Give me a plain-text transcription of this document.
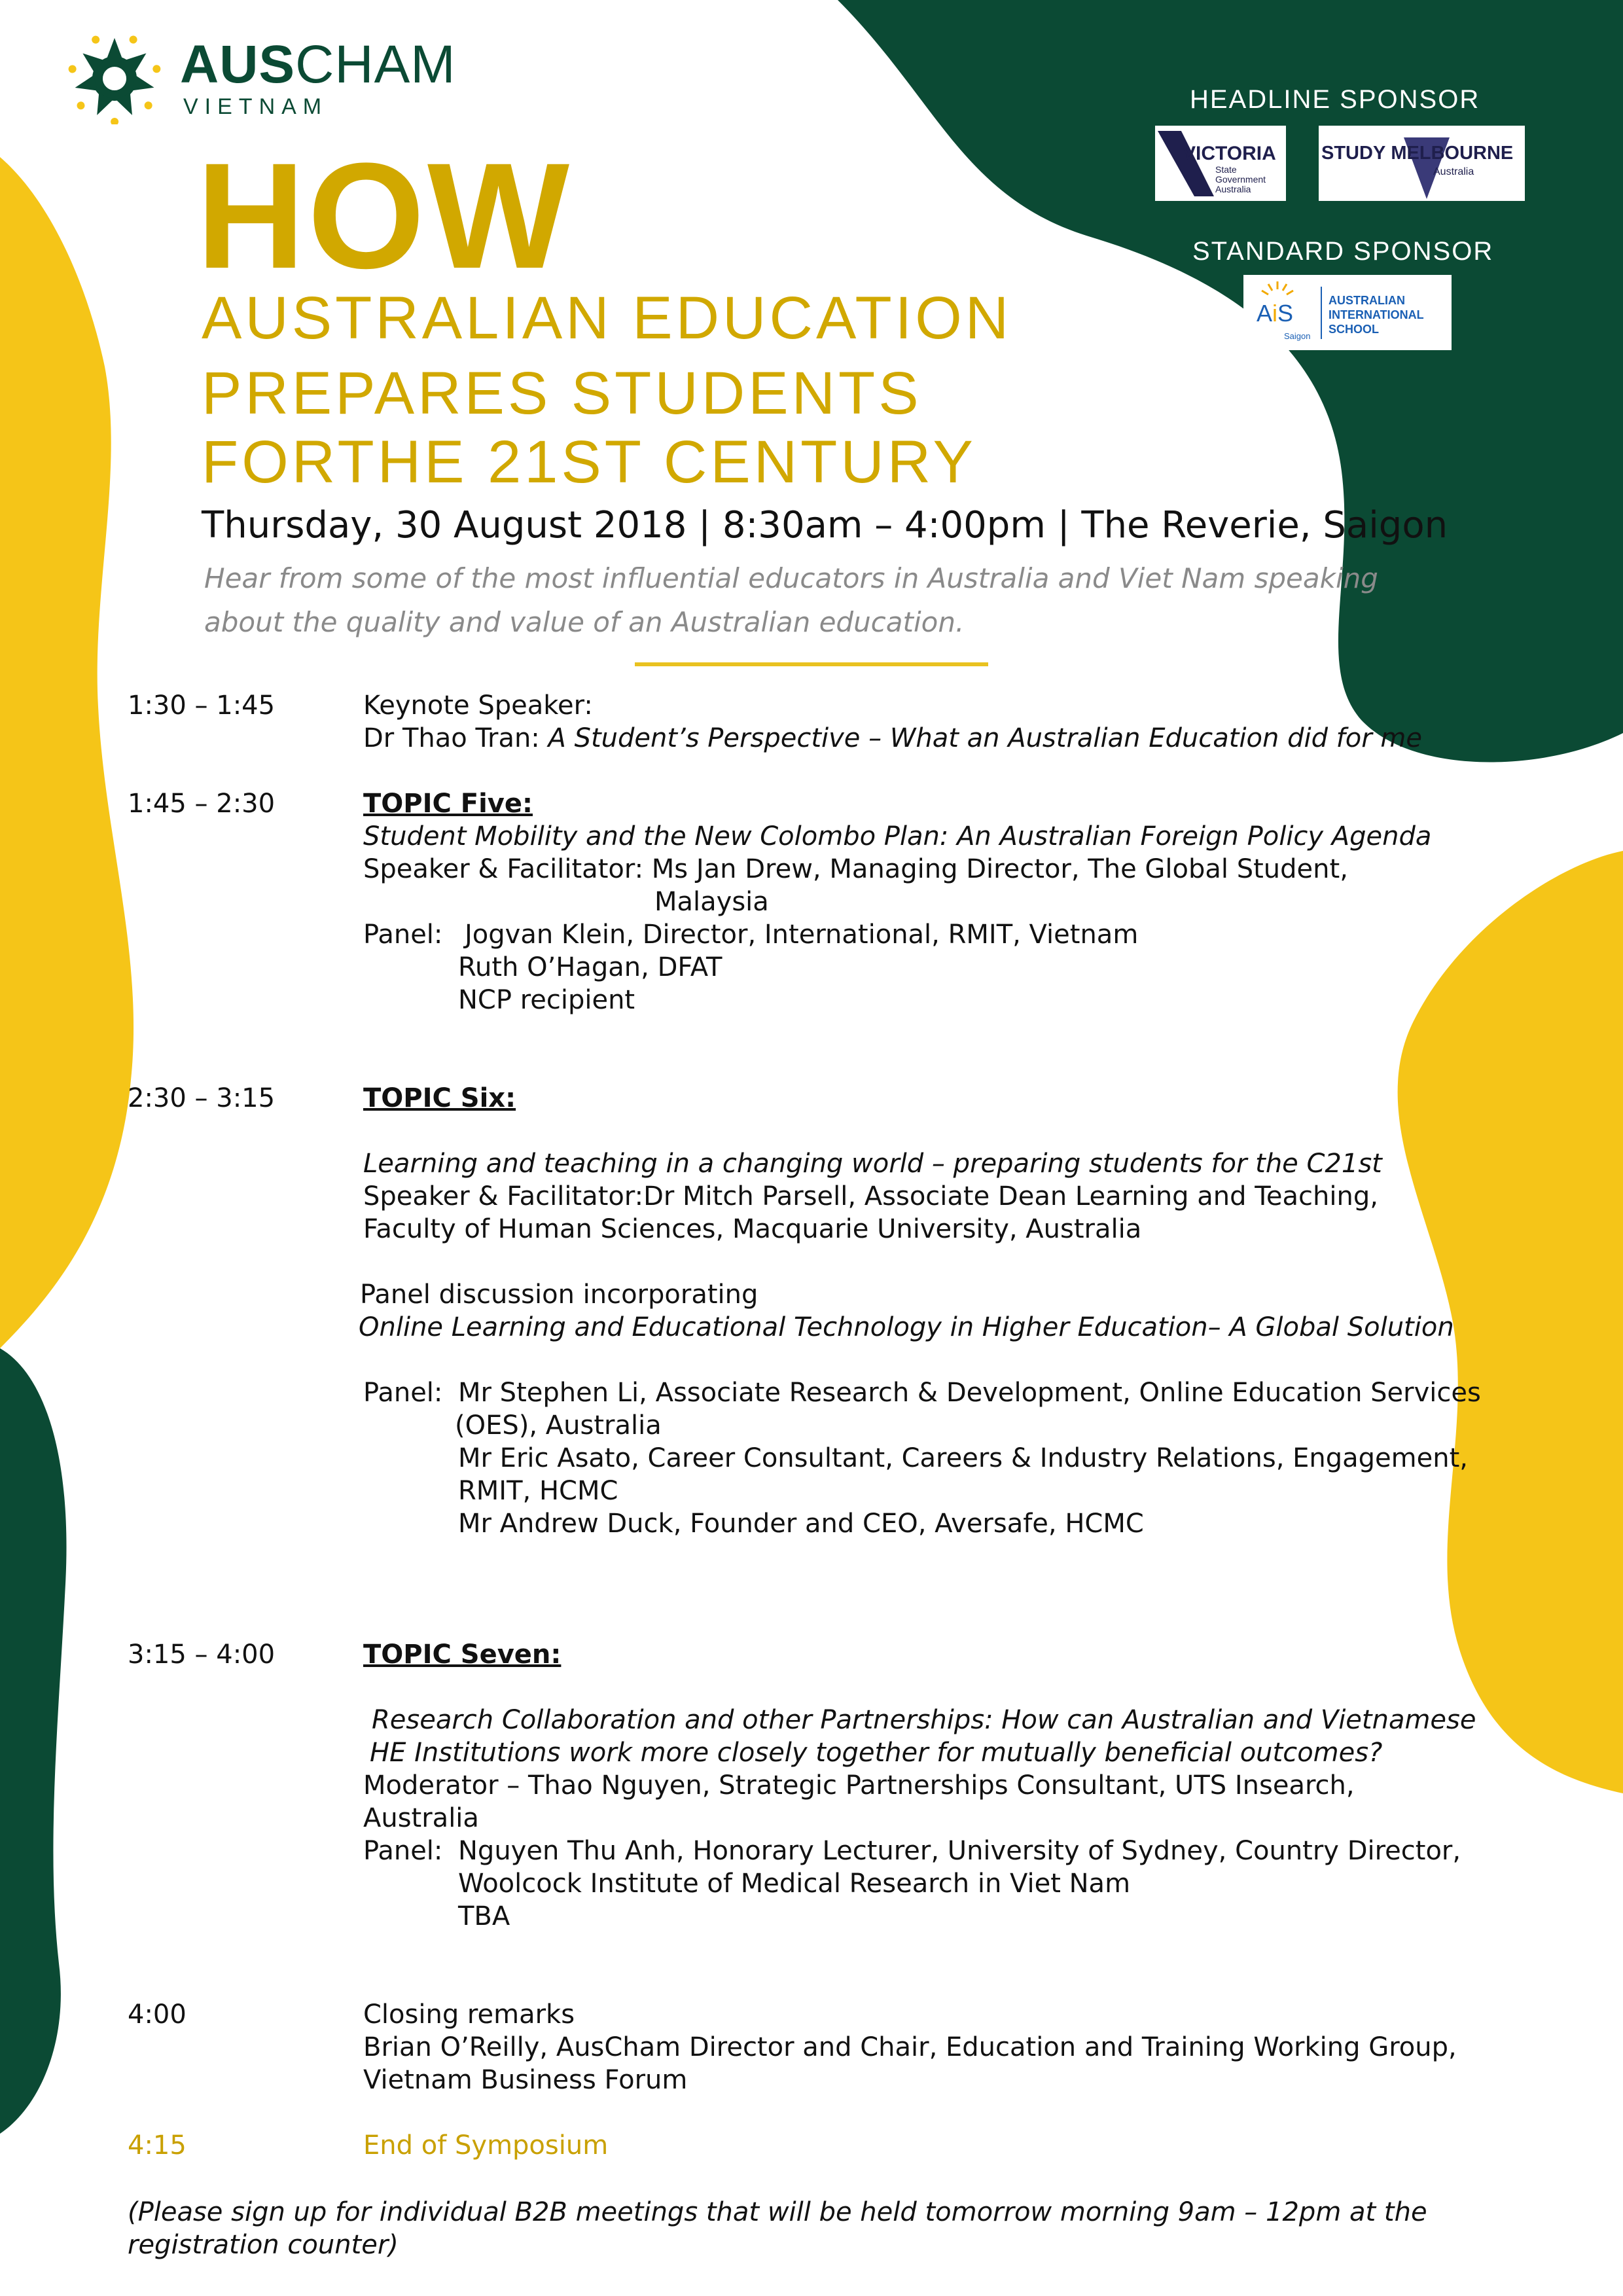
AUSCHAM
VIETNAM	HEADLINE SPONSOR
VICTORIA
State
Government
Australia
STUDY MELBOURNE
Australia
STANDARD SPONSOR
AiS
Saigon
AUSTRALIAN
INTERNATIONAL
SCHOOL
HOW
AUSTRALIAN EDUCATION
PREPARES STUDENTS
FORTHE 21ST CENTURY
Thursday, 30 August 2018 | 8:30am – 4:00pm | The Reverie, Saigon
Hear from some of the most influential educators in Australia and Viet Nam speaking about the quality and value of an Australian education.
1:30 – 1:45	Keynote Speaker:
Dr Thao Tran: A Student’s Perspective – What an Australian Education did for me
1:45 – 2:30	TOPIC Five:
Student Mobility and the New Colombo Plan: An Australian Foreign Policy Agenda
Speaker & Facilitator: Ms Jan Drew, Managing Director, The Global Student,
Malaysia
Panel: Jogvan Klein, Director, International, RMIT, Vietnam
Ruth O’Hagan, DFAT
NCP recipient
2:30 – 3:15	TOPIC Six:
Learning and teaching in a changing world – preparing students for the C21st
Speaker & Facilitator:Dr Mitch Parsell, Associate Dean Learning and Teaching,
Faculty of Human Sciences, Macquarie University, Australia
Panel discussion incorporating
Online Learning and Educational Technology in Higher Education– A Global Solution
Panel: Mr Stephen Li, Associate Research & Development, Online Education Services
(OES), Australia
Mr Eric Asato, Career Consultant, Careers & Industry Relations, Engagement,
RMIT, HCMC
Mr Andrew Duck, Founder and CEO, Aversafe, HCMC
3:15 – 4:00	TOPIC Seven:
Research Collaboration and other Partnerships: How can Australian and Vietnamese
HE Institutions work more closely together for mutually beneficial outcomes?
Moderator – Thao Nguyen, Strategic Partnerships Consultant, UTS Insearch,
Australia
Panel: Nguyen Thu Anh, Honorary Lecturer, University of Sydney, Country Director,
Woolcock Institute of Medical Research in Viet Nam
TBA
4:00	Closing remarks
Brian O’Reilly, AusCham Director and Chair, Education and Training Working Group,
Vietnam Business Forum
4:15	End of Symposium
(Please sign up for individual B2B meetings that will be held tomorrow morning 9am – 12pm at the registration counter)
